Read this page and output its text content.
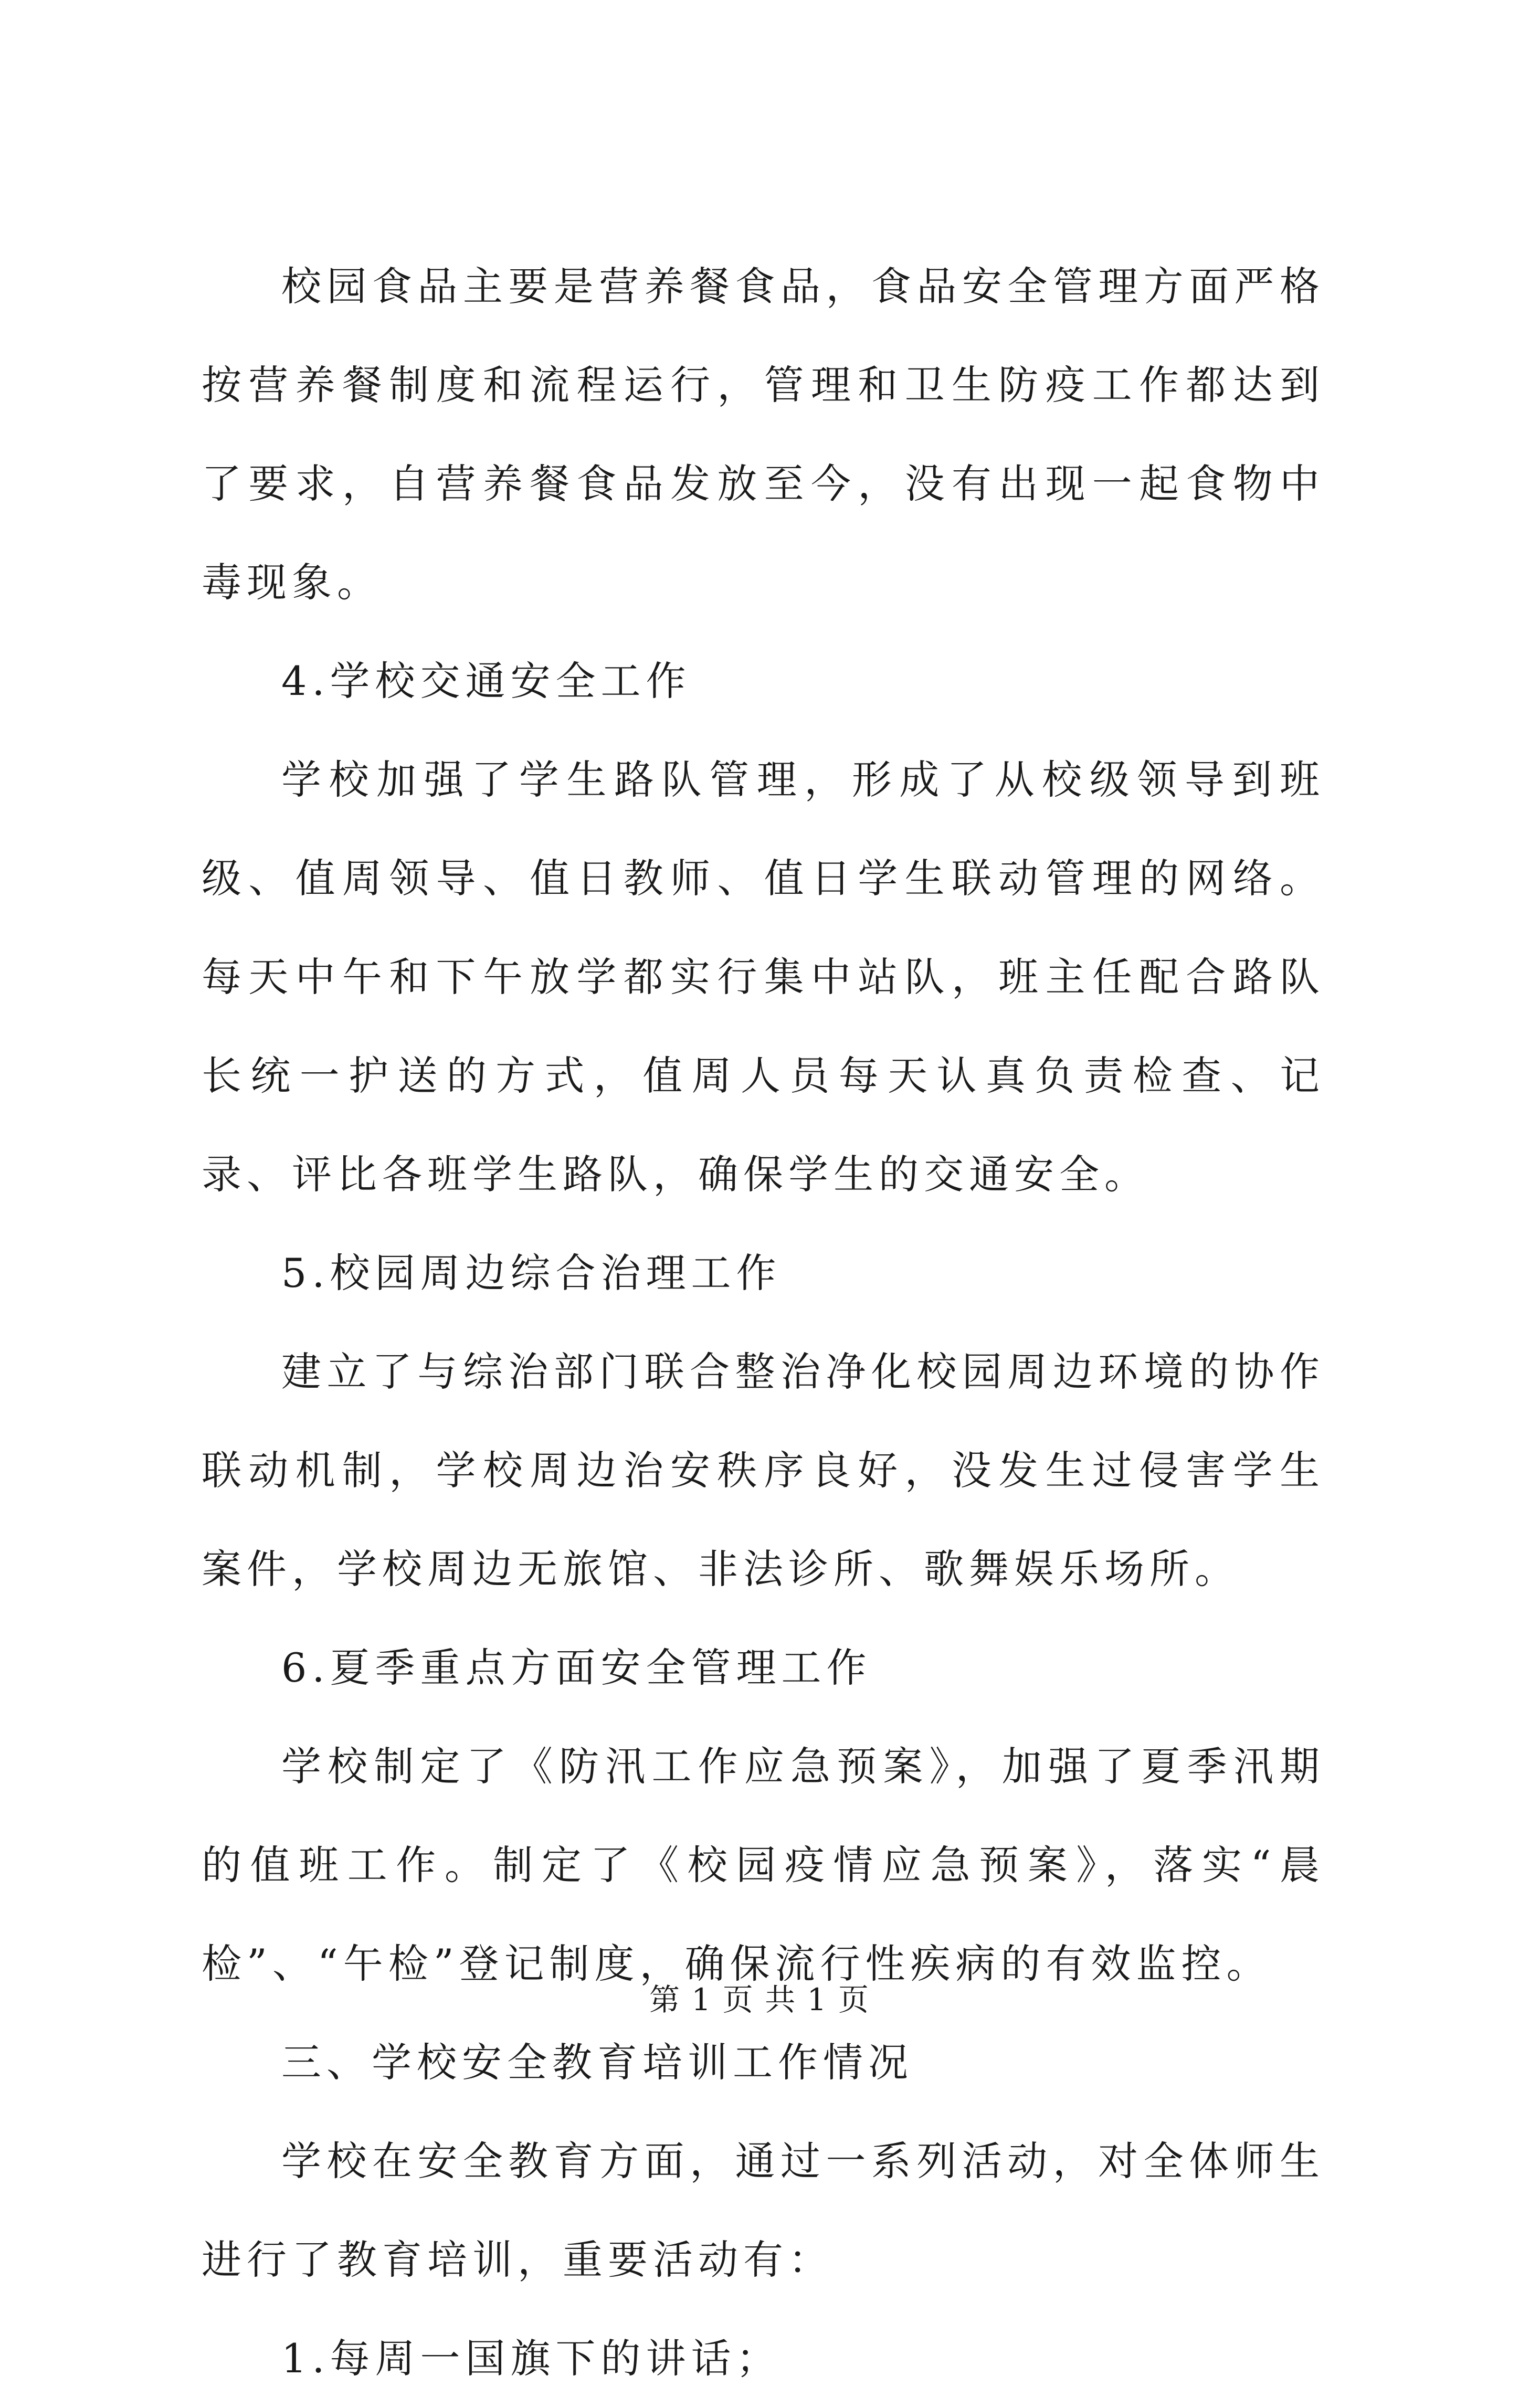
校园食品主要是营养餐食品，食品安全管理方面严格按营养餐制度和流程运行，管理和卫生防疫工作都达到了要求，自营养餐食品发放至今，没有出现一起食物中毒现象。

4.学校交通安全工作

学校加强了学生路队管理，形成了从校级领导到班级、值周领导、值日教师、值日学生联动管理的网络。每天中午和下午放学都实行集中站队，班主任配合路队长统一护送的方式，值周人员每天认真负责检查、记录、评比各班学生路队，确保学生的交通安全。

5.校园周边综合治理工作

建立了与综治部门联合整治净化校园周边环境的协作联动机制，学校周边治安秩序良好，没发生过侵害学生案件，学校周边无旅馆、非法诊所、歌舞娱乐场所。

6.夏季重点方面安全管理工作

学校制定了《防汛工作应急预案》，加强了夏季汛期的值班工作。制定了《校园疫情应急预案》，落实“晨检”、“午检”登记制度，确保流行性疾病的有效监控。

三、学校安全教育培训工作情况

学校在安全教育方面，通过一系列活动，对全体师生进行了教育培训，重要活动有：

1.每周一国旗下的讲话；

第 1 页 共 1 页
